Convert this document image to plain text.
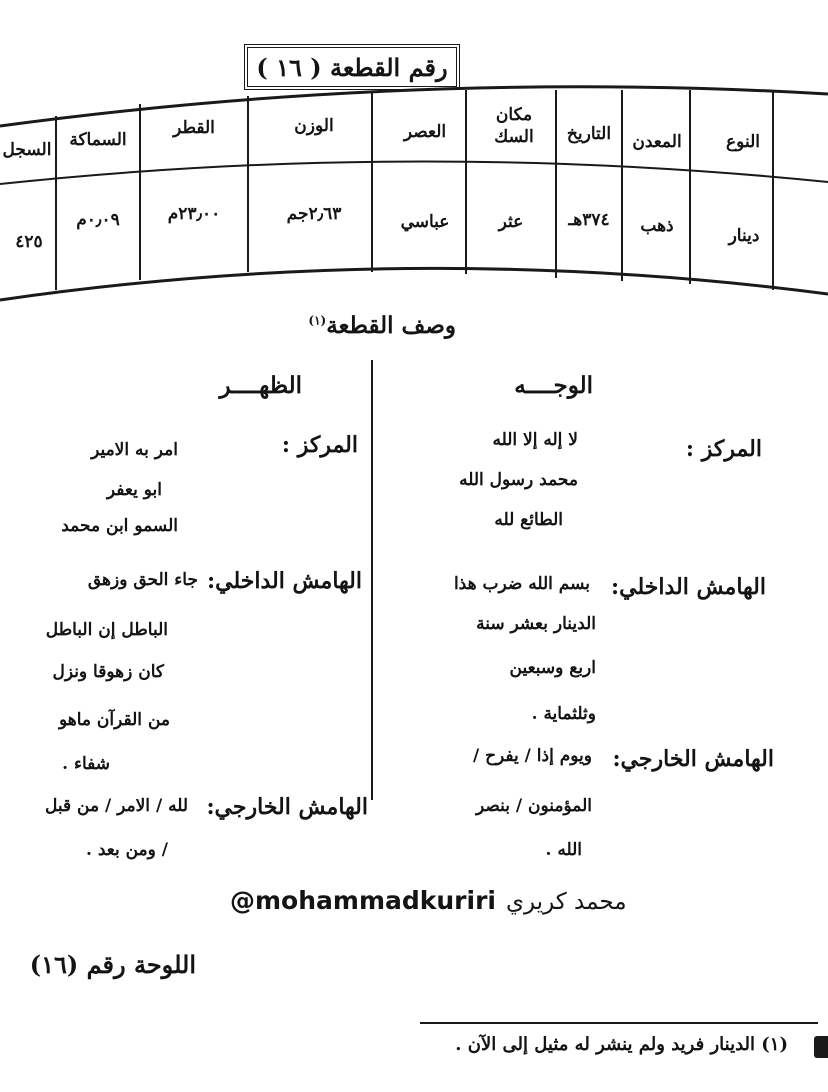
رقم القطعة ( ١٦ )
النوع
المعدن
التاريخ
مكان السك
العصر
الوزن
القطر
السماكة
السجل
دينار
ذهب
٣٧٤هـ
عثر
عباسي
٢٫٦٣جم
٢٣٫٠٠م
٠٫٠٩م
٤٢٥
وصف القطعة$^{(١)}$
الوجــــه
المركز :
لا إله إلا الله
محمد رسول الله
الطائع لله
الهامش الداخلي:
بسم الله ضرب هذا
الدينار بعشر سنة
اربع وسبعين
وثلثماية .
الهامش الخارجي:
ويوم إذا / يفرح /
المؤمنون / بنصر
الله .
الظهــــر
المركز :
امر به الامير
ابو يعفر
السمو ابن محمد
الهامش الداخلي:
جاء الحق وزهق
الباطل إن الباطل
كان زهوقا ونزل
من القرآن ماهو
شفاء .
الهامش الخارجي:
لله / الامر / من قبل
/ ومن بعد .
@mohammadkuriri محمد كريري
اللوحة رقم (١٦)
(١) الدينار فريد ولم ينشر له مثيل إلى الآن .
